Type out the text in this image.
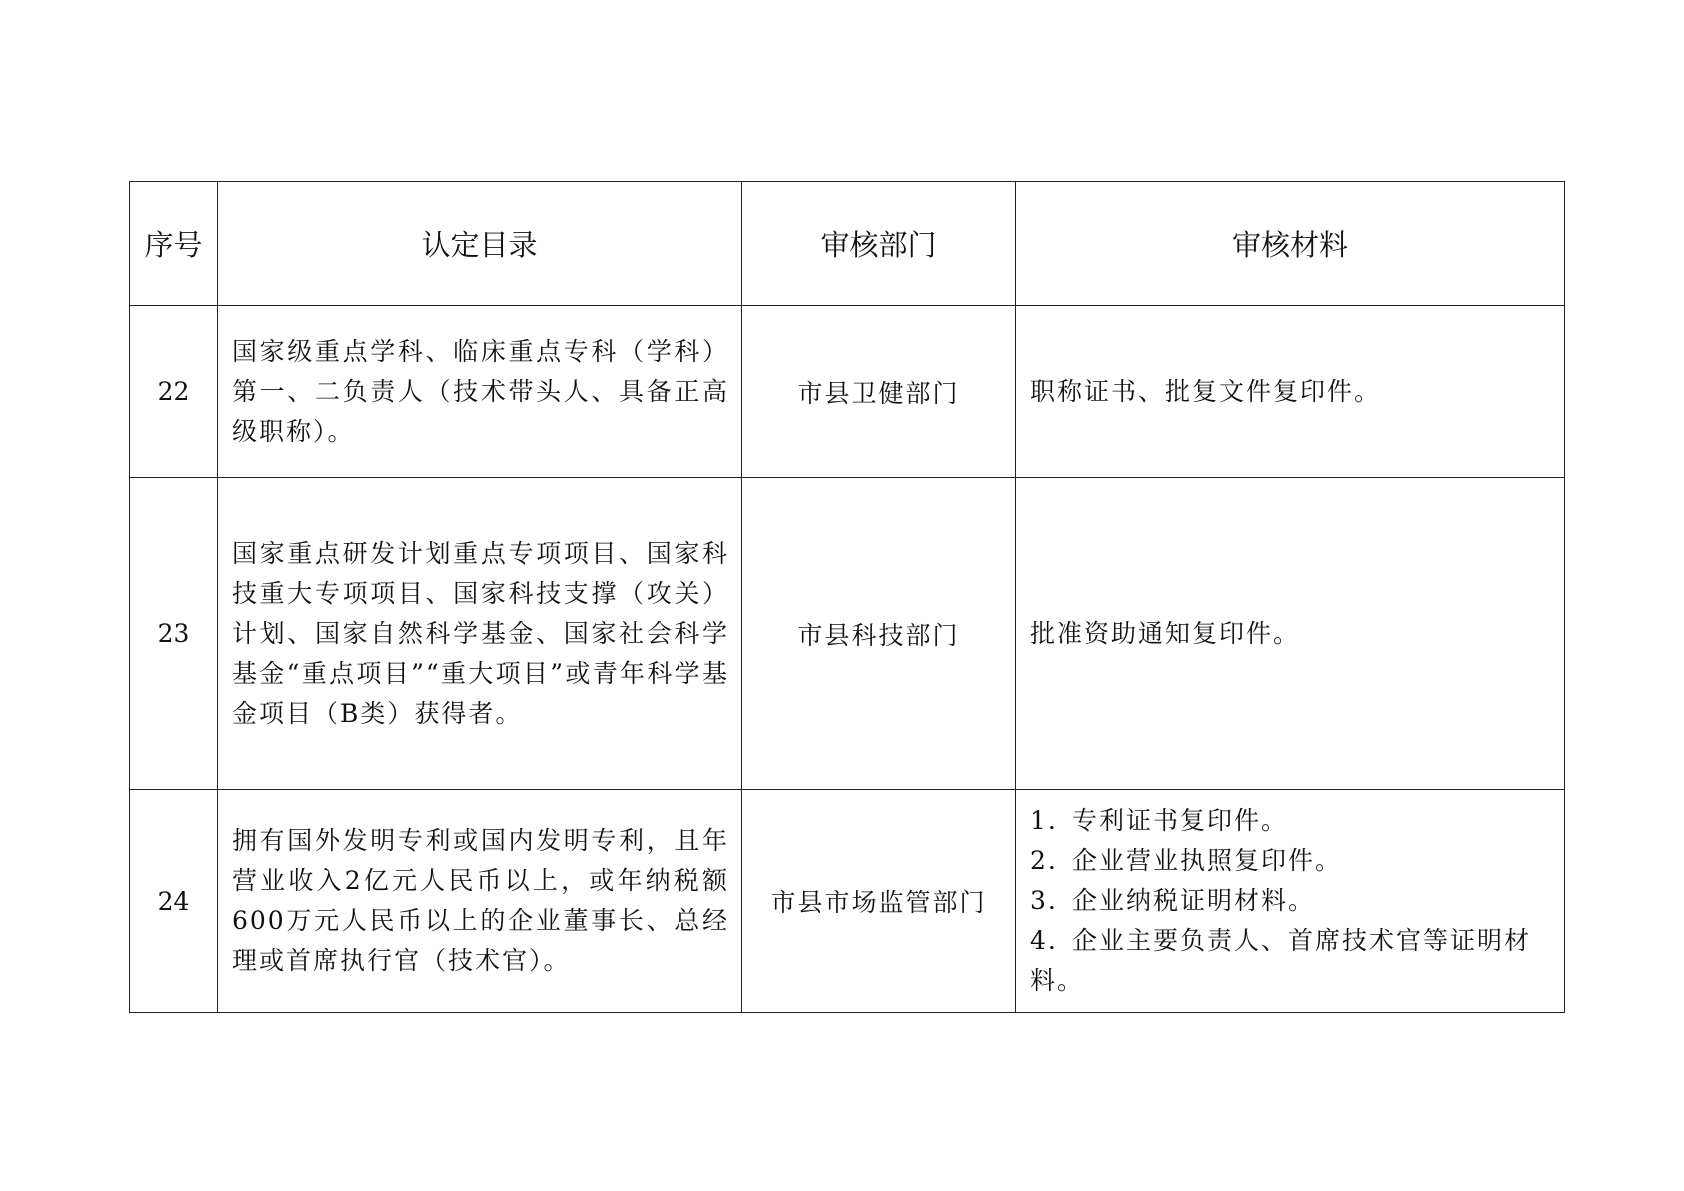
序号	认定目录	审核部门	审核材料
22	国家级重点学科、临床重点专科（学科）第一、二负责人（技术带头人、具备正高级职称）。	市县卫健部门	职称证书、批复文件复印件。

23	国家重点研发计划重点专项项目、国家科技重大专项项目、国家科技支撑（攻关）计划、国家自然科学基金、国家社会科学基金“重点项目”“重大项目”或青年科学基金项目（B类）获得者。	市县科技部门	批准资助通知复印件。

24	拥有国外发明专利或国内发明专利，且年营业收入2亿元人民币以上，或年纳税额600万元人民币以上的企业董事长、总经理或首席执行官（技术官）。	市县市场监管部门	1. 专利证书复印件。
2. 企业营业执照复印件。
3. 企业纳税证明材料。
4. 企业主要负责人、首席技术官等证明材料。
